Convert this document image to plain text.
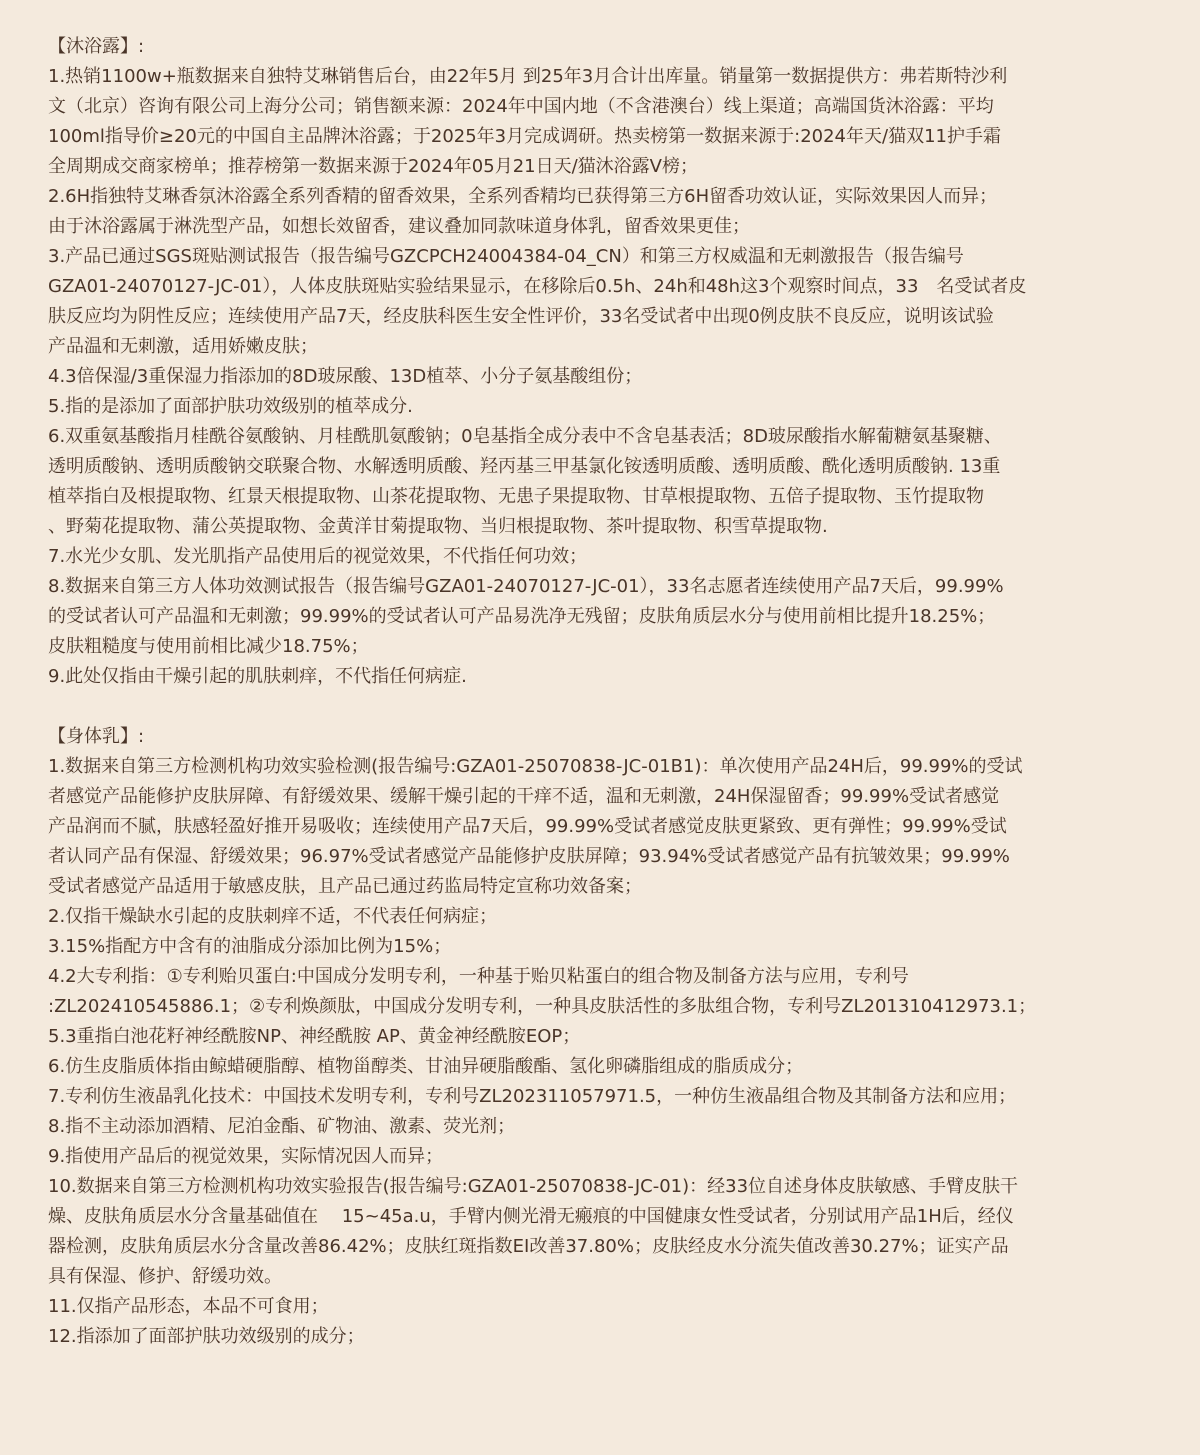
【沐浴露】:
1.热销1100w+瓶数据来自独特艾琳销售后台，由22年5月 到25年3月合计出库量。销量第一数据提供方：弗若斯特沙利
文（北京）咨询有限公司上海分公司；销售额来源：2024年中国内地（不含港澳台）线上渠道；高端国货沐浴露：平均
100ml指导价≥20元的中国自主品牌沐浴露；于2025年3月完成调研。热卖榜第一数据来源于:2024年天/猫双11护手霜
全周期成交商家榜单；推荐榜第一数据来源于2024年05月21日天/猫沐浴露V榜；
2.6H指独特艾琳香氛沐浴露全系列香精的留香效果，全系列香精均已获得第三方6H留香功效认证，实际效果因人而异；
由于沐浴露属于淋洗型产品，如想长效留香，建议叠加同款味道身体乳，留香效果更佳；
3.产品已通过SGS斑贴测试报告（报告编号GZCPCH24004384-04_CN）和第三方权威温和无刺激报告（报告编号
GZA01-24070127-JC-01），人体皮肤斑贴实验结果显示，在移除后0.5h、24h和48h这3个观察时间点，33　名受试者皮
肤反应均为阴性反应；连续使用产品7天，经皮肤科医生安全性评价，33名受试者中出现0例皮肤不良反应，说明该试验
产品温和无刺激，适用娇嫩皮肤；
4.3倍保湿/3重保湿力指添加的8D玻尿酸、13D植萃、小分子氨基酸组份；
5.指的是添加了面部护肤功效级别的植萃成分.
6.双重氨基酸指月桂酰谷氨酸钠、月桂酰肌氨酸钠；0皂基指全成分表中不含皂基表活；8D玻尿酸指水解葡糖氨基聚糖、
透明质酸钠、透明质酸钠交联聚合物、水解透明质酸、羟丙基三甲基氯化铵透明质酸、透明质酸、酰化透明质酸钠. 13重
植萃指白及根提取物、红景天根提取物、山茶花提取物、无患子果提取物、甘草根提取物、五倍子提取物、玉竹提取物
、野菊花提取物、蒲公英提取物、金黄洋甘菊提取物、当归根提取物、茶叶提取物、积雪草提取物.
7.水光少女肌、发光肌指产品使用后的视觉效果，不代指任何功效；
8.数据来自第三方人体功效测试报告（报告编号GZA01-24070127-JC-01），33名志愿者连续使用产品7天后，99.99%
的受试者认可产品温和无刺激；99.99%的受试者认可产品易洗净无残留；皮肤角质层水分与使用前相比提升18.25%；
皮肤粗糙度与使用前相比减少18.75%；
9.此处仅指由干燥引起的肌肤刺痒，不代指任何病症.
【身体乳】:
1.数据来自第三方检测机构功效实验检测(报告编号:GZA01-25070838-JC-01B1)：单次使用产品24H后，99.99%的受试
者感觉产品能修护皮肤屏障、有舒缓效果、缓解干燥引起的干痒不适，温和无刺激，24H保湿留香；99.99%受试者感觉
产品润而不腻，肤感轻盈好推开易吸收；连续使用产品7天后，99.99%受试者感觉皮肤更紧致、更有弹性；99.99%受试
者认同产品有保湿、舒缓效果；96.97%受试者感觉产品能修护皮肤屏障；93.94%受试者感觉产品有抗皱效果；99.99%
受试者感觉产品适用于敏感皮肤，且产品已通过药监局特定宣称功效备案；
2.仅指干燥缺水引起的皮肤刺痒不适，不代表任何病症；
3.15%指配方中含有的油脂成分添加比例为15%；
4.2大专利指：①专利贻贝蛋白:中国成分发明专利，一种基于贻贝粘蛋白的组合物及制备方法与应用，专利号
:ZL202410545886.1；②专利焕颜肽，中国成分发明专利，一种具皮肤活性的多肽组合物，专利号ZL201310412973.1；
5.3重指白池花籽神经酰胺NP、神经酰胺 AP、黄金神经酰胺EOP；
6.仿生皮脂质体指由鲸蜡硬脂醇、植物甾醇类、甘油异硬脂酸酯、氢化卵磷脂组成的脂质成分；
7.专利仿生液晶乳化技术：中国技术发明专利，专利号ZL202311057971.5，一种仿生液晶组合物及其制备方法和应用；
8.指不主动添加酒精、尼泊金酯、矿物油、激素、荧光剂；
9.指使用产品后的视觉效果，实际情况因人而异；
10.数据来自第三方检测机构功效实验报告(报告编号:GZA01-25070838-JC-01)：经33位自述身体皮肤敏感、手臂皮肤干
燥、皮肤角质层水分含量基础值在　 15~45a.u，手臂内侧光滑无瘢痕的中国健康女性受试者，分别试用产品1H后，经仪
器检测，皮肤角质层水分含量改善86.42%；皮肤红斑指数EI改善37.80%；皮肤经皮水分流失值改善30.27%；证实产品
具有保湿、修护、舒缓功效。
11.仅指产品形态，本品不可食用；
12.指添加了面部护肤功效级别的成分；
